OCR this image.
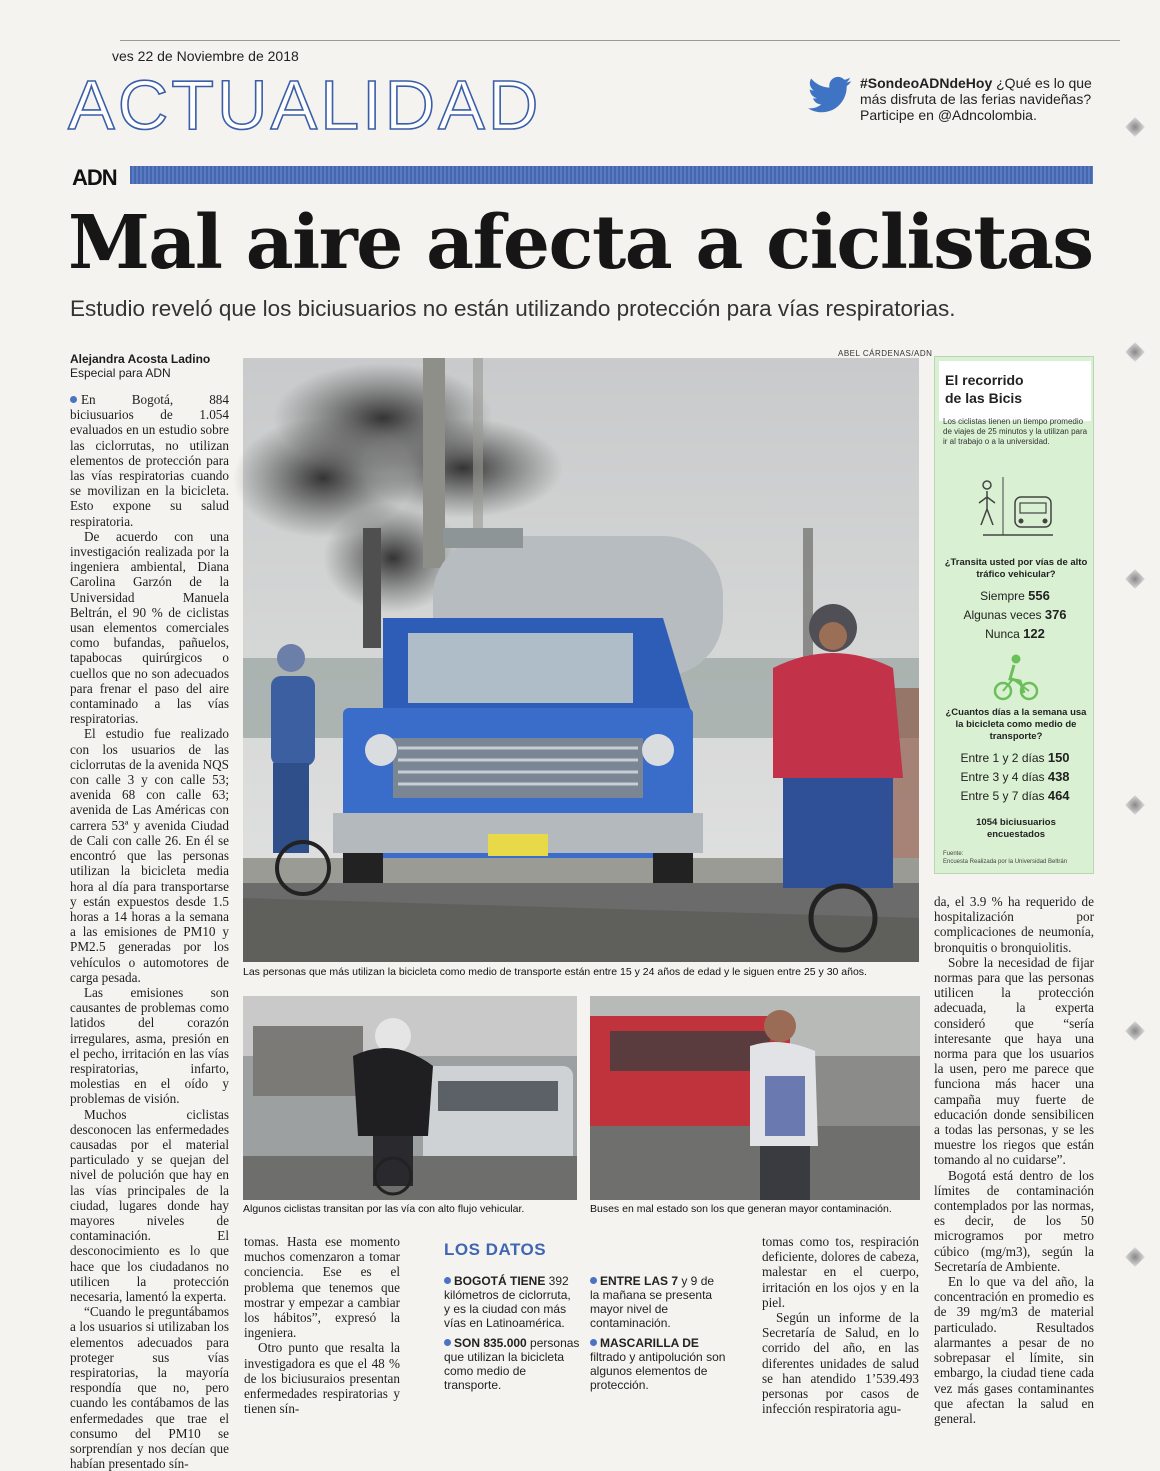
ves 22 de Noviembre de 2018
ACTUALIDAD
ADN
#SondeoADNdeHoy ¿Qué es lo que más disfruta de las ferias navideñas?
Participe en @Adncolombia.
Mal aire afecta a ciclistas
Estudio reveló que los biciusuarios no están utilizando protección para vías respiratorias.
Alejandra Acosta Ladino
Especial para ADN

En Bogotá, 884 biciusuarios de 1.054 evaluados en un estudio sobre las ciclorrutas, no utilizan elementos de protección para las vías respiratorias cuando se movilizan en la bicicleta. Esto expone su salud respiratoria.

De acuerdo con una investigación realizada por la ingeniera ambiental, Diana Carolina Garzón de la Universidad Manuela Beltrán, el 90 % de ciclistas usan elementos comerciales como bufandas, pañuelos, tapabocas quirúrgicos o cuellos que no son adecuados para frenar el paso del aire contaminado a las vías respiratorias.

El estudio fue realizado con los usuarios de las ciclorrutas de la avenida NQS con calle 3 y con calle 53; avenida 68 con calle 63; avenida de Las Américas con carrera 53ª y avenida Ciudad de Cali con calle 26. En él se encontró que las personas utilizan la bicicleta media hora al día para transportarse y están expuestos desde 1.5 horas a 14 horas a la semana a las emisiones de PM10 y PM2.5 generadas por los vehículos o automotores de carga pesada.

Las emisiones son causantes de problemas como latidos del corazón irregulares, asma, presión en el pecho, irritación en las vías respiratorias, infarto, molestias en el oído y problemas de visión.

Muchos ciclistas desconocen las enfermedades causadas por el material particulado y se quejan del nivel de polución que hay en las vías principales de la ciudad, lugares donde hay mayores niveles de contaminación. El desconocimiento es lo que hace que los ciudadanos no utilicen la protección necesaria, lamentó la experta.

“Cuando le preguntábamos a los usuarios si utilizaban los elementos adecuados para proteger sus vías respiratorias, la mayoría respondía que no, pero cuando les contábamos de las enfermedades que trae el consumo del PM10 se sorprendían y nos decían que habían presentado sín-

ABEL CÁRDENAS/ADN
Las personas que más utilizan la bicicleta como medio de transporte están entre 15 y 24 años de edad y le siguen entre 25 y 30 años.
El recorrido
de las Bicis
Los ciclistas tienen un tiempo promedio de viajes de 25 minutos y la utilizan para ir al trabajo o a la universidad.
¿Transita usted por vías de alto tráfico vehicular?
Siempre 556
Algunas veces 376
Nunca 122
¿Cuantos días a la semana usa la bicicleta como medio de transporte?
Entre 1 y 2 días 150
Entre 3 y 4 días 438
Entre 5 y 7 días 464
1054 biciusuarios
encuestados
Fuente:
Encuesta Realizada por la Universidad Beltrán
Algunos ciclistas transitan por las vía con alto flujo vehicular.	Buses en mal estado son los que generan mayor contaminación.

tomas. Hasta ese momento muchos comenzaron a tomar conciencia. Ese es el problema que tenemos que mostrar y empezar a cambiar los hábitos”, expresó la ingeniera.

Otro punto que resalta la investigadora es que el 48 % de los biciusuraios presentan enfermedades respiratorias y tienen sín-

LOS DATOS
BOGOTÁ TIENE 392 kilómetros de ciclorruta, y es la ciudad con más vías en Latinoamérica.
SON 835.000 personas que utilizan la bicicleta como medio de transporte.
ENTRE LAS 7 y 9 de la mañana se presenta mayor nivel de contaminación.
MASCARILLA DE filtrado y antipolución son algunos elementos de protección.

tomas como tos, respiración deficiente, dolores de cabeza, malestar en el cuerpo, irritación en los ojos y en la piel.

Según un informe de la Secretaría de Salud, en lo corrido del año, en las diferentes unidades de salud se han atendido 1’539.493 personas por casos de infección respiratoria agu-

da, el 3.9 % ha requerido de hospitalización por complicaciones de neumonía, bronquitis o bronquiolitis.

Sobre la necesidad de fijar normas para que las personas utilicen la protección adecuada, la experta consideró que “sería interesante que haya una norma para que los usuarios la usen, pero me parece que funciona más hacer una campaña muy fuerte de educación donde sensibilicen a todas las personas, y se les muestre los riegos que están tomando al no cuidarse”.

Bogotá está dentro de los límites de contaminación contemplados por las normas, es decir, de los 50 microgramos por metro cúbico (mg/m3), según la Secretaría de Ambiente.

En lo que va del año, la concentración en promedio es de 39 mg/m3 de material particulado. Resultados alarmantes a pesar de no sobrepasar el límite, sin embargo, la ciudad tiene cada vez más gases contaminantes que afectan la salud en general.
